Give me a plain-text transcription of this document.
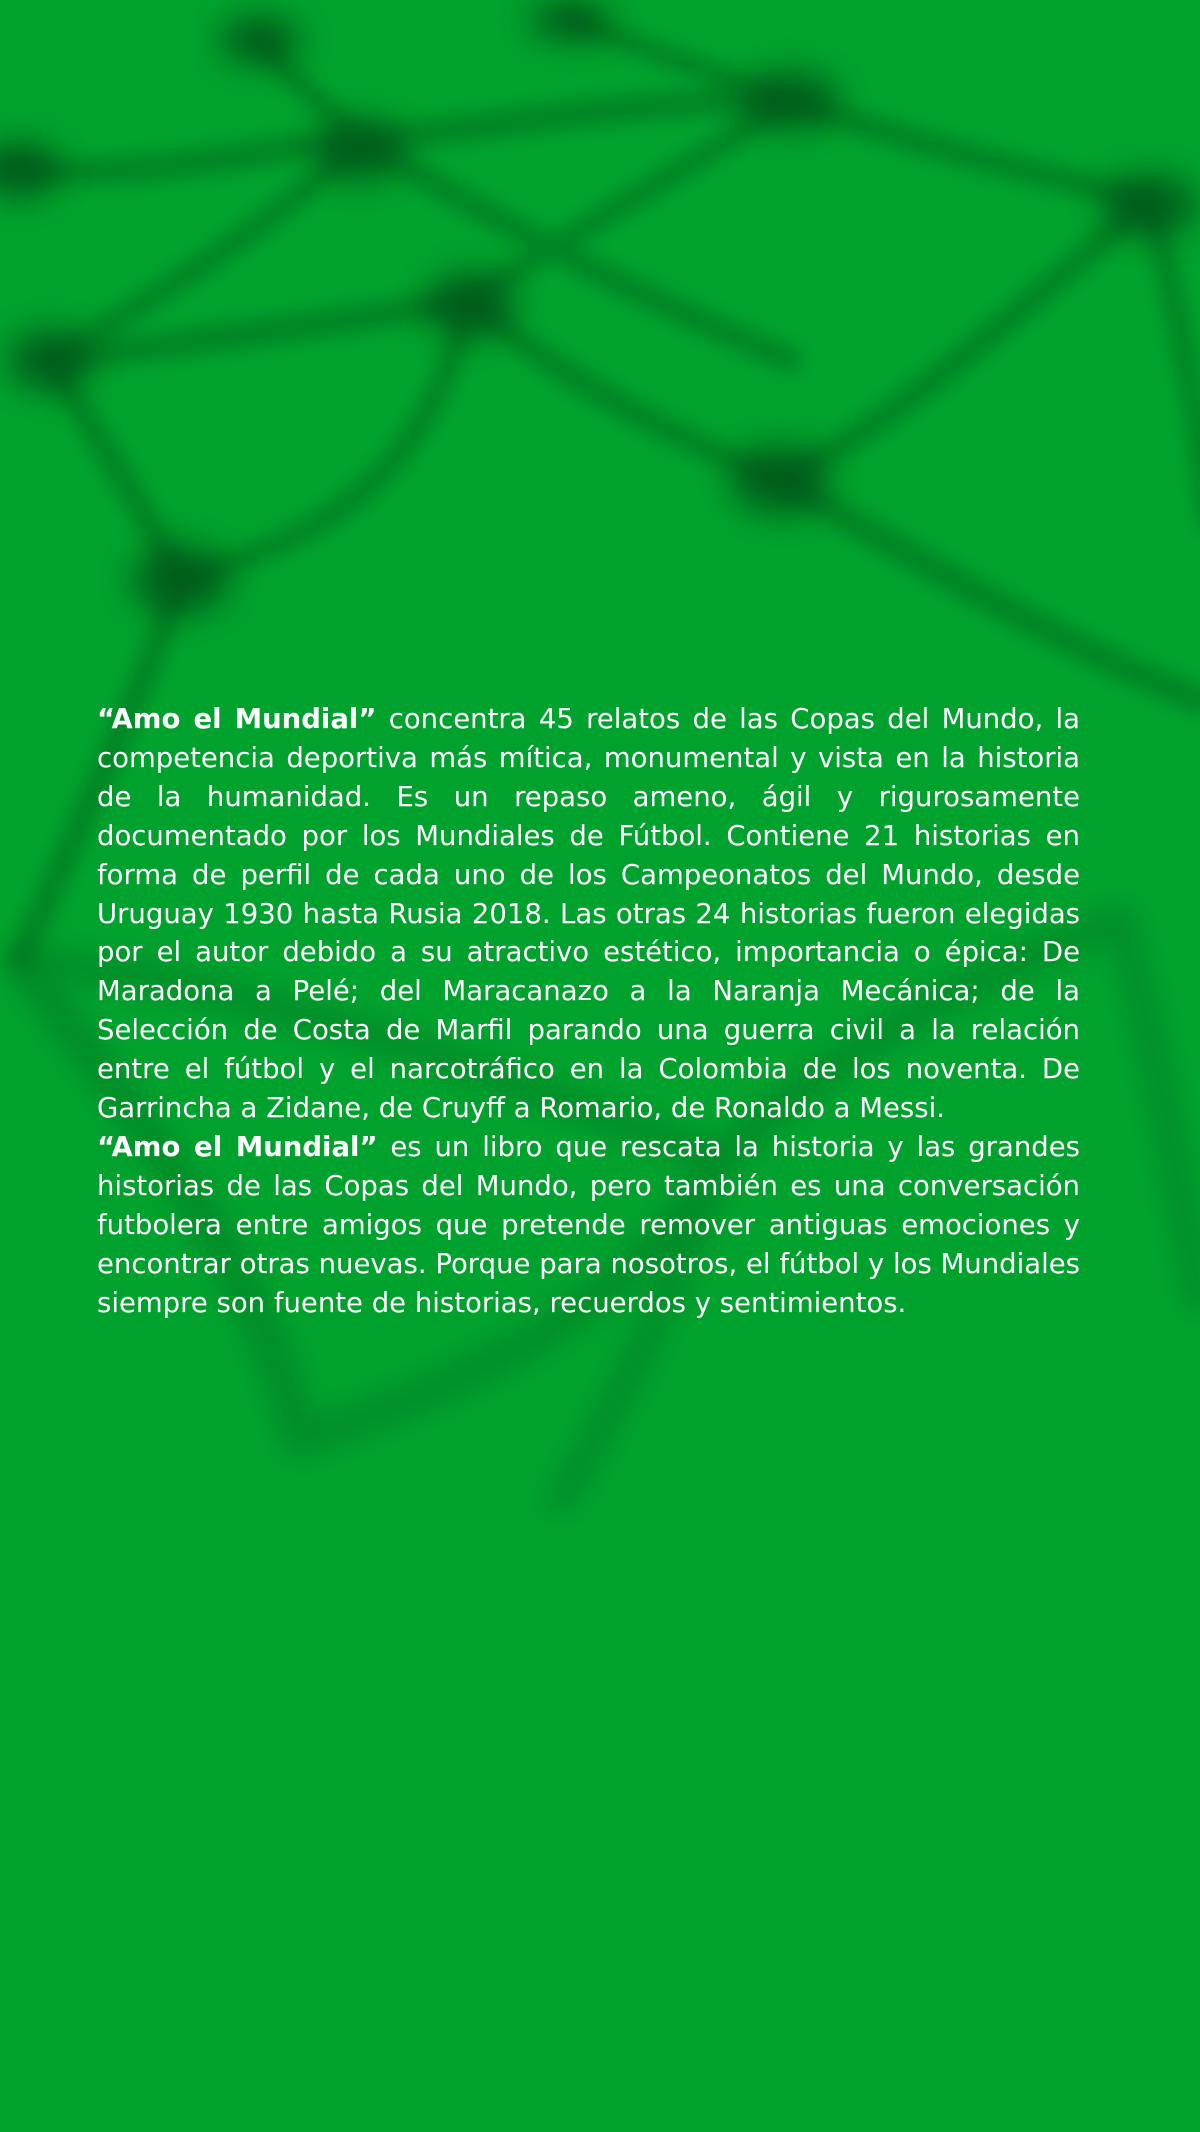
“Amo el Mundial” concentra 45 relatos de las Copas del Mundo, la competencia deportiva más mítica, monumental y vista en la historia de la humanidad. Es un repaso ameno, ágil y rigurosamente documentado por los Mundiales de Fútbol. Contiene 21 historias en forma de perfil de cada uno de los Campeonatos del Mundo, desde Uruguay 1930 hasta Rusia 2018. Las otras 24 historias fueron elegidas por el autor debido a su atractivo estético, importancia o épica: De Maradona a Pelé; del Maracanazo a la Naranja Mecánica; de la Selección de Costa de Marfil parando una guerra civil a la relación entre el fútbol y el narcotráfico en la Colombia de los noventa. De Garrincha a Zidane, de Cruyff a Romario, de Ronaldo a Messi.

“Amo el Mundial” es un libro que rescata la historia y las grandes historias de las Copas del Mundo, pero también es una conversación futbolera entre amigos que pretende remover antiguas emociones y encontrar otras nuevas. Porque para nosotros, el fútbol y los Mundiales siempre son fuente de historias, recuerdos y sentimientos.
